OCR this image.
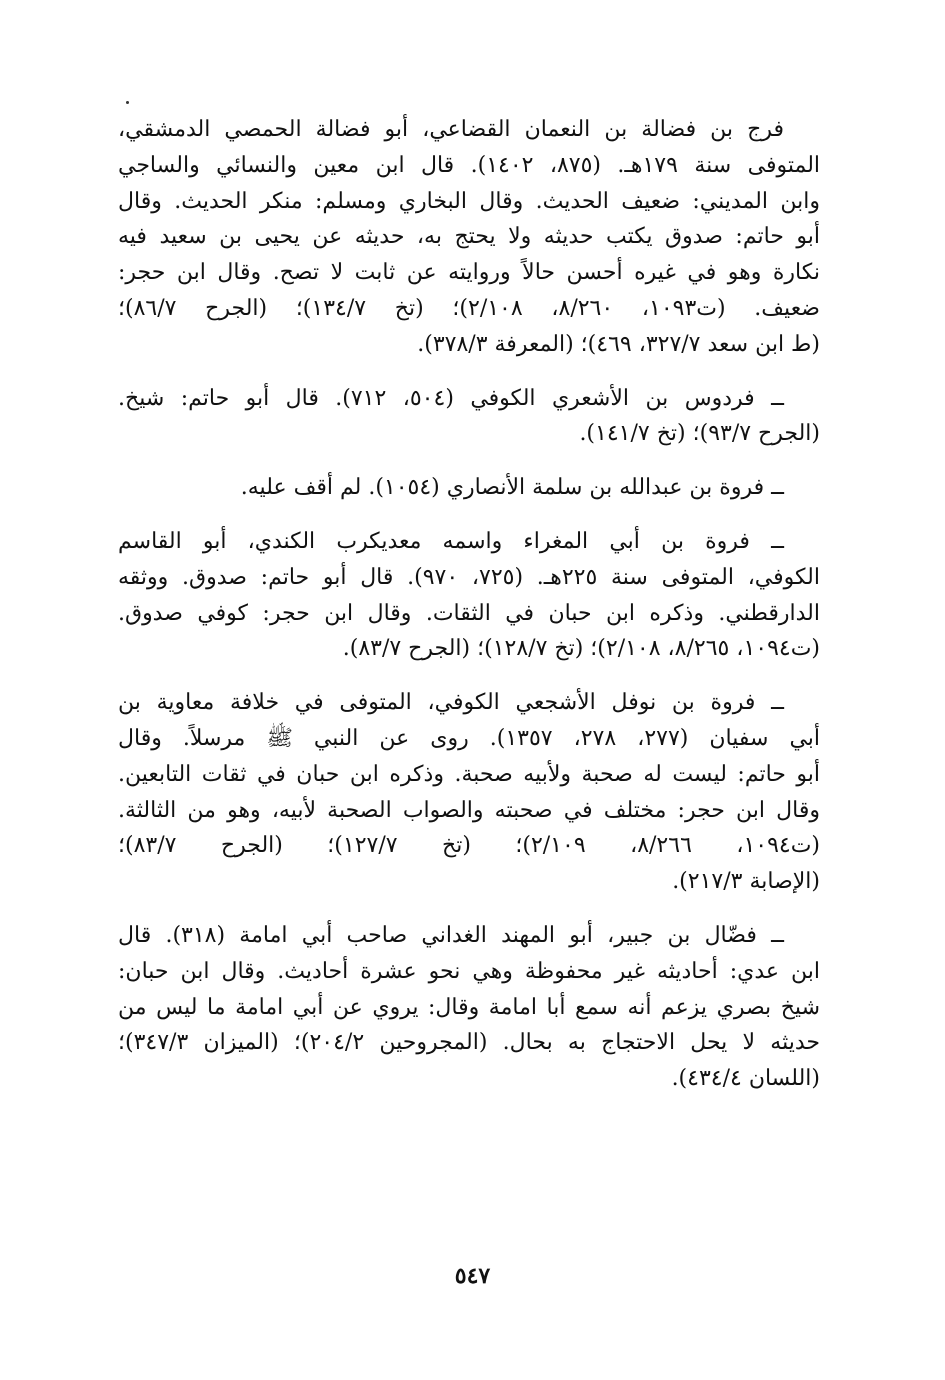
فرج بن فضالة بن النعمان القضاعي، أبو فضالة الحمصي الدمشقي،
المتوفى سنة ١٧٩هـ. (٨٧٥، ١٤٠٢). قال ابن معين والنسائي والساجي
وابن المديني: ضعيف الحديث. وقال البخاري ومسلم: منكر الحديث. وقال
أبو حاتم: صدوق يكتب حديثه ولا يحتج به، حديثه عن يحيى بن سعيد فيه
نكارة وهو في غيره أحسن حالاً وروايته عن ثابت لا تصح. وقال ابن حجر:
ضعيف. (ت١٠٩٣، ٨/٢٦٠، ٢/١٠٨)؛ (تخ ١٣٤/٧)؛ (الجرح ٨٦/٧)؛
(ط ابن سعد ٣٢٧/٧، ٤٦٩)؛ (المعرفة ٣٧٨/٣).
ــ فردوس بن الأشعري الكوفي (٥٠٤، ٧١٢). قال أبو حاتم: شيخ.
(الجرح ٩٣/٧)؛ (تخ ١٤١/٧).
ــ فروة بن عبدالله بن سلمة الأنصاري (١٠٥٤). لم أقف عليه.
ــ فروة بن أبي المغراء واسمه معديكرب الكندي، أبو القاسم
الكوفي، المتوفى سنة ٢٢٥هـ. (٧٢٥، ٩٧٠). قال أبو حاتم: صدوق. ووثقه
الدارقطني. وذكره ابن حبان في الثقات. وقال ابن حجر: كوفي صدوق.
(ت١٠٩٤، ٨/٢٦٥، ٢/١٠٨)؛ (تخ ١٢٨/٧)؛ (الجرح ٨٣/٧).
ــ فروة بن نوفل الأشجعي الكوفي، المتوفى في خلافة معاوية بن
أبي سفيان (٢٧٧، ٢٧٨، ١٣٥٧). روى عن النبي ﷺ مرسلاً. وقال
أبو حاتم: ليست له صحبة ولأبيه صحبة. وذكره ابن حبان في ثقات التابعين.
وقال ابن حجر: مختلف في صحبته والصواب الصحبة لأبيه، وهو من الثالثة.
(ت١٠٩٤، ٨/٢٦٦، ٢/١٠٩)؛ (تخ ١٢٧/٧)؛ (الجرح ٨٣/٧)؛
(الإصابة ٢١٧/٣).
ــ فضّال بن جبير، أبو المهند الغداني صاحب أبي امامة (٣١٨). قال
ابن عدي: أحاديثه غير محفوظة وهي نحو عشرة أحاديث. وقال ابن حبان:
شيخ بصري يزعم أنه سمع أبا امامة وقال: يروي عن أبي امامة ما ليس من
حديثه لا يحل الاحتجاج به بحال. (المجروحين ٢٠٤/٢)؛ (الميزان ٣٤٧/٣)؛
(اللسان ٤٣٤/٤).
٥٤٧
